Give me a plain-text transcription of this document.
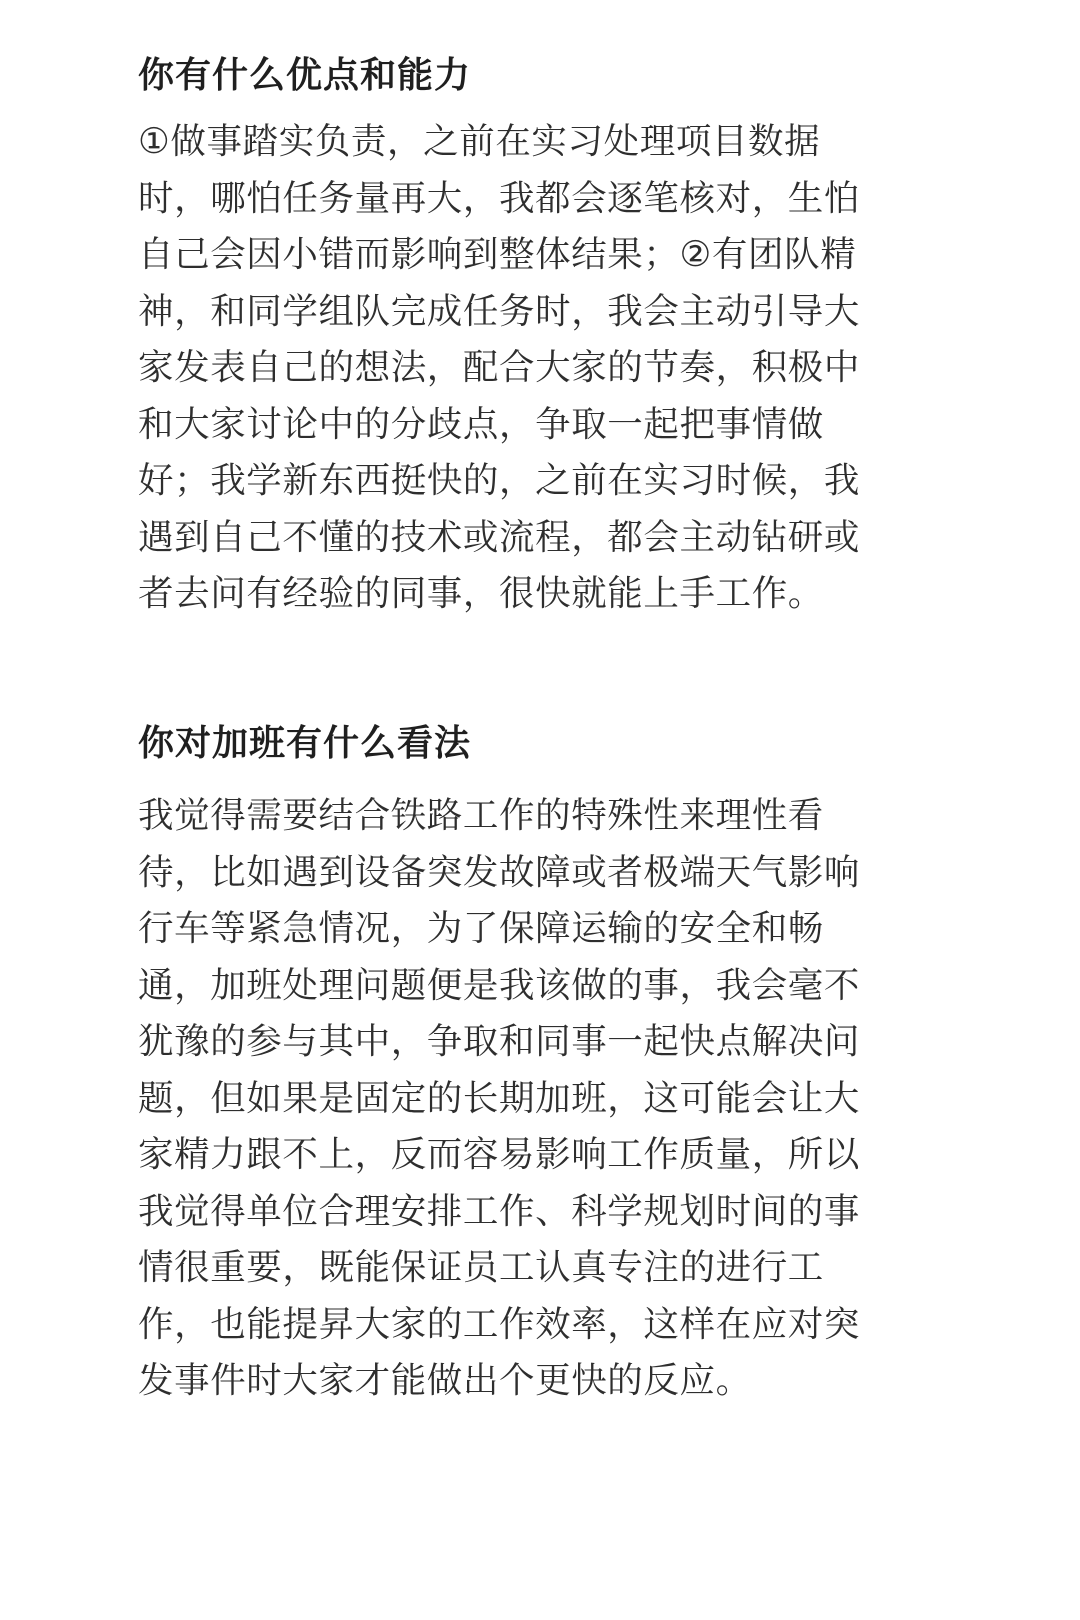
你有什么优点和能力
①做事踏实负责，之前在实习处理项目数据
时，哪怕任务量再大，我都会逐笔核对，生怕
自己会因小错而影响到整体结果；②有团队精
神，和同学组队完成任务时，我会主动引导大
家发表自己的想法，配合大家的节奏，积极中
和大家讨论中的分歧点，争取一起把事情做
好；我学新东西挺快的，之前在实习时候，我
遇到自己不懂的技术或流程，都会主动钻研或
者去问有经验的同事，很快就能上手工作。
你对加班有什么看法
我觉得需要结合铁路工作的特殊性来理性看
待，比如遇到设备突发故障或者极端天气影响
行车等紧急情况，为了保障运输的安全和畅
通，加班处理问题便是我该做的事，我会毫不
犹豫的参与其中，争取和同事一起快点解决问
题，但如果是固定的长期加班，这可能会让大
家精力跟不上，反而容易影响工作质量，所以
我觉得单位合理安排工作、科学规划时间的事
情很重要，既能保证员工认真专注的进行工
作，也能提昇大家的工作效率，这样在应对突
发事件时大家才能做出个更快的反应。
